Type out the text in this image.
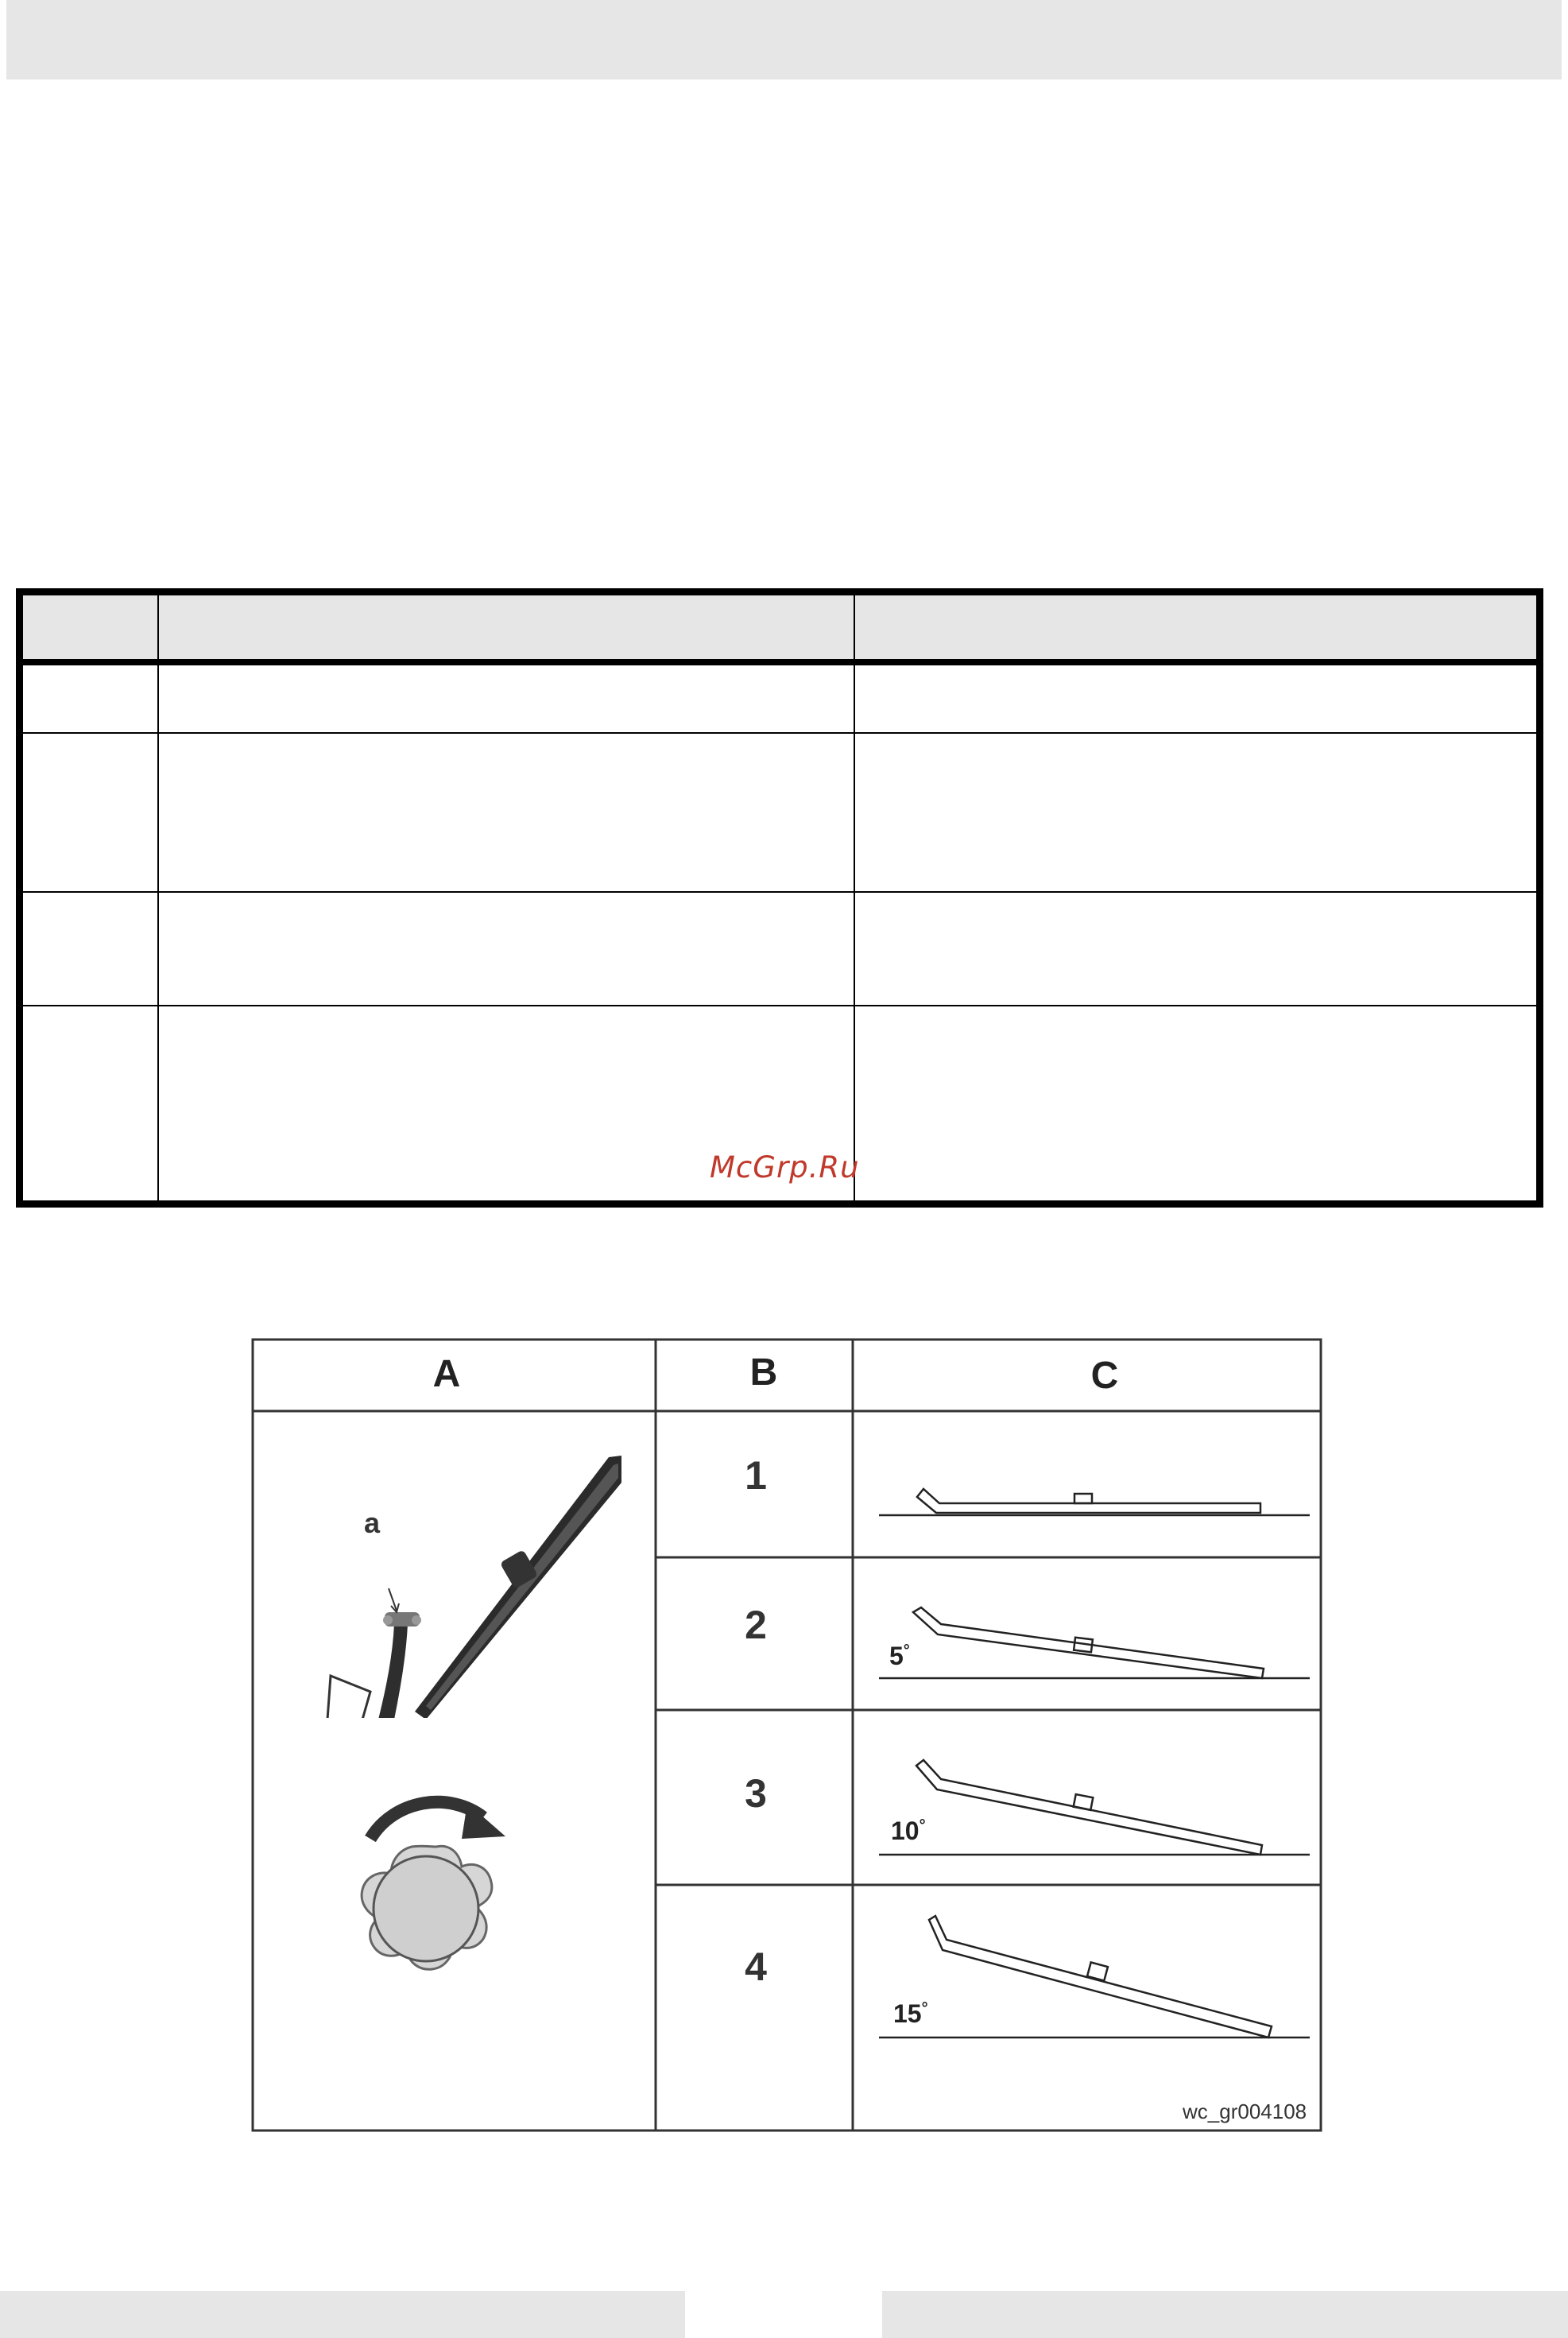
McGrp.Ru
A	B	C
a
1
2
3
4
5°
10°
15°
wc_gr004108
